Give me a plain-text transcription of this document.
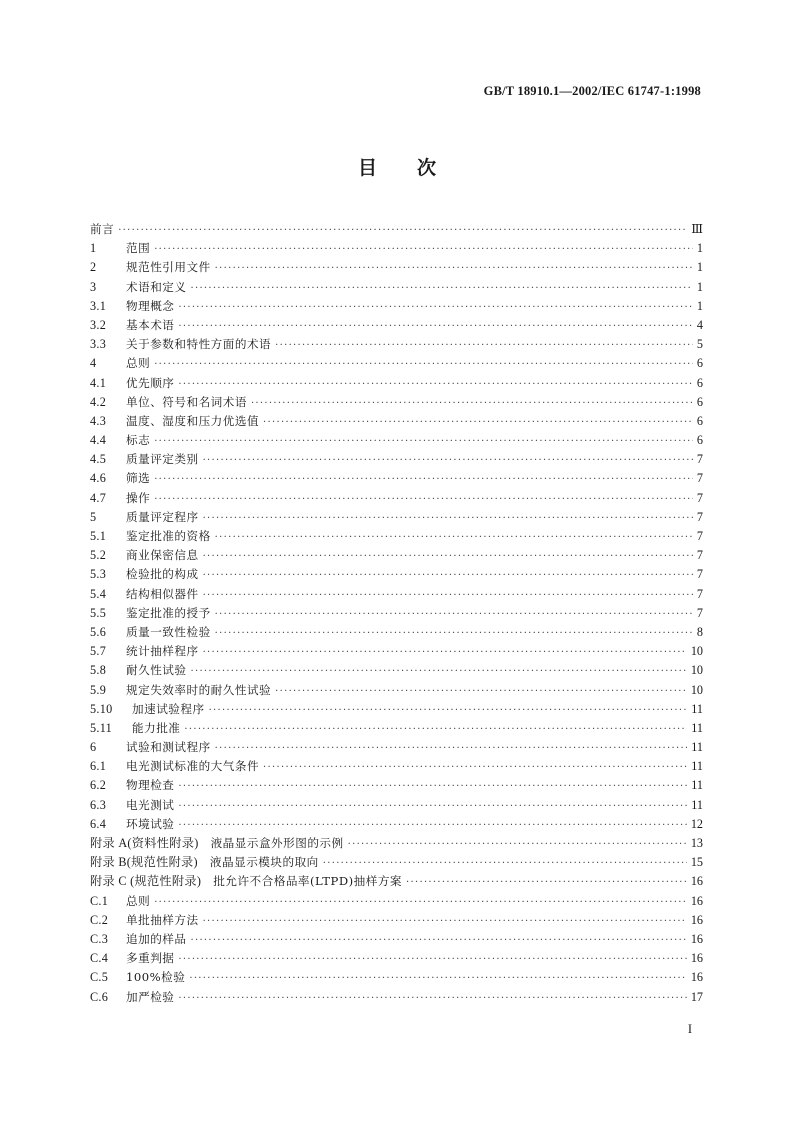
GB/T 18910.1—2002/IEC 61747-1:1998
目 次
前言 ·····	Ⅲ
1	范围 ·····	1
2	规范性引用文件 ·····	1
3	术语和定义 ·····	1
3.1	物理概念 ·····	1
3.2	基本术语 ·····	4
3.3	关于参数和特性方面的术语 ·····	5
4	总则 ·····	6
4.1	优先顺序 ·····	6
4.2	单位、符号和名词术语 ·····	6
4.3	温度、湿度和压力优选值 ·····	6
4.4	标志 ·····	6
4.5	质量评定类别 ·····	7
4.6	筛选 ·····	7
4.7	操作 ·····	7
5	质量评定程序 ·····	7
5.1	鉴定批准的资格 ·····	7
5.2	商业保密信息 ·····	7
5.3	检验批的构成 ·····	7
5.4	结构相似器件 ·····	7
5.5	鉴定批准的授予 ·····	7
5.6	质量一致性检验 ·····	8
5.7	统计抽样程序 ·····	10
5.8	耐久性试验 ·····	10
5.9	规定失效率时的耐久性试验 ·····	10
5.10	加速试验程序 ·····	11
5.11	能力批准 ·····	11
6	试验和测试程序 ·····	11
6.1	电光测试标准的大气条件 ·····	11
6.2	物理检查 ·····	11
6.3	电光测试 ·····	11
6.4	环境试验 ·····	12
附录 A(资料性附录) 液晶显示盒外形图的示例 ·····	13
附录 B(规范性附录) 液晶显示模块的取向 ·····	15
附录 C (规范性附录) 批允许不合格品率(LTPD)抽样方案 ·····	16
C.1	总则 ·····	16
C.2	单批抽样方法 ·····	16
C.3	追加的样品 ·····	16
C.4	多重判据 ·····	16
C.5	100%检验 ·····	16
C.6	加严检验 ·····	17
I
